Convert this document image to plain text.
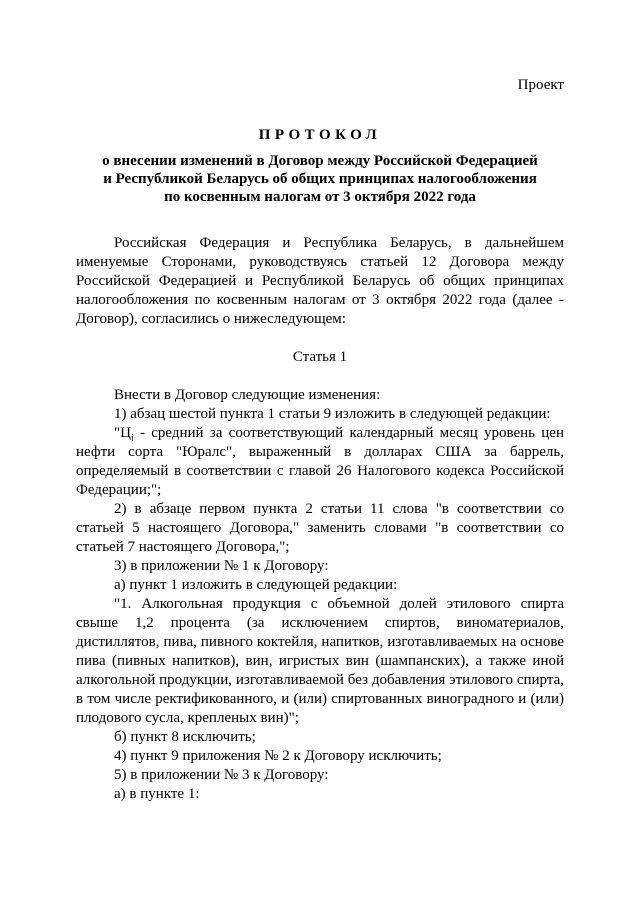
Проект
ПРОТОКОЛ
о внесении изменений в Договор между Российской Федерацией
и Республикой Беларусь об общих принципах налогообложения
по косвенным налогам от 3 октября 2022 года

Российская Федерация и Республика Беларусь, в дальнейшем именуемые Сторонами, руководствуясь статьей 12 Договора между Российской Федерацией и Республикой Беларусь об общих принципах налогообложения по косвенным налогам от 3 октября 2022 года (далее - Договор), согласились о нижеследующем:

Статья 1

Внести в Договор следующие изменения:

1) абзац шестой пункта 1 статьи 9 изложить в следующей редакции:

"$Ц_i$ - средний за соответствующий календарный месяц уровень цен нефти сорта "Юралс", выраженный в долларах США за баррель, определяемый в соответствии с главой 26 Налогового кодекса Российской Федерации;";

2) в абзаце первом пункта 2 статьи 11 слова "в соответствии со статьей 5 настоящего Договора," заменить словами "в соответствии со статьей 7 настоящего Договора,";

3) в приложении № 1 к Договору:

а) пункт 1 изложить в следующей редакции:

"1. Алкогольная продукция с объемной долей этилового спирта свыше 1,2 процента (за исключением спиртов, виноматериалов, дистиллятов, пива, пивного коктейля, напитков, изготавливаемых на основе пива (пивных напитков), вин, игристых вин (шампанских), а также иной алкогольной продукции, изготавливаемой без добавления этилового спирта, в том числе ректификованного, и (или) спиртованных виноградного и (или) плодового сусла, крепленых вин)";

б) пункт 8 исключить;

4) пункт 9 приложения № 2 к Договору исключить;

5) в приложении № 3 к Договору:

а) в пункте 1:
